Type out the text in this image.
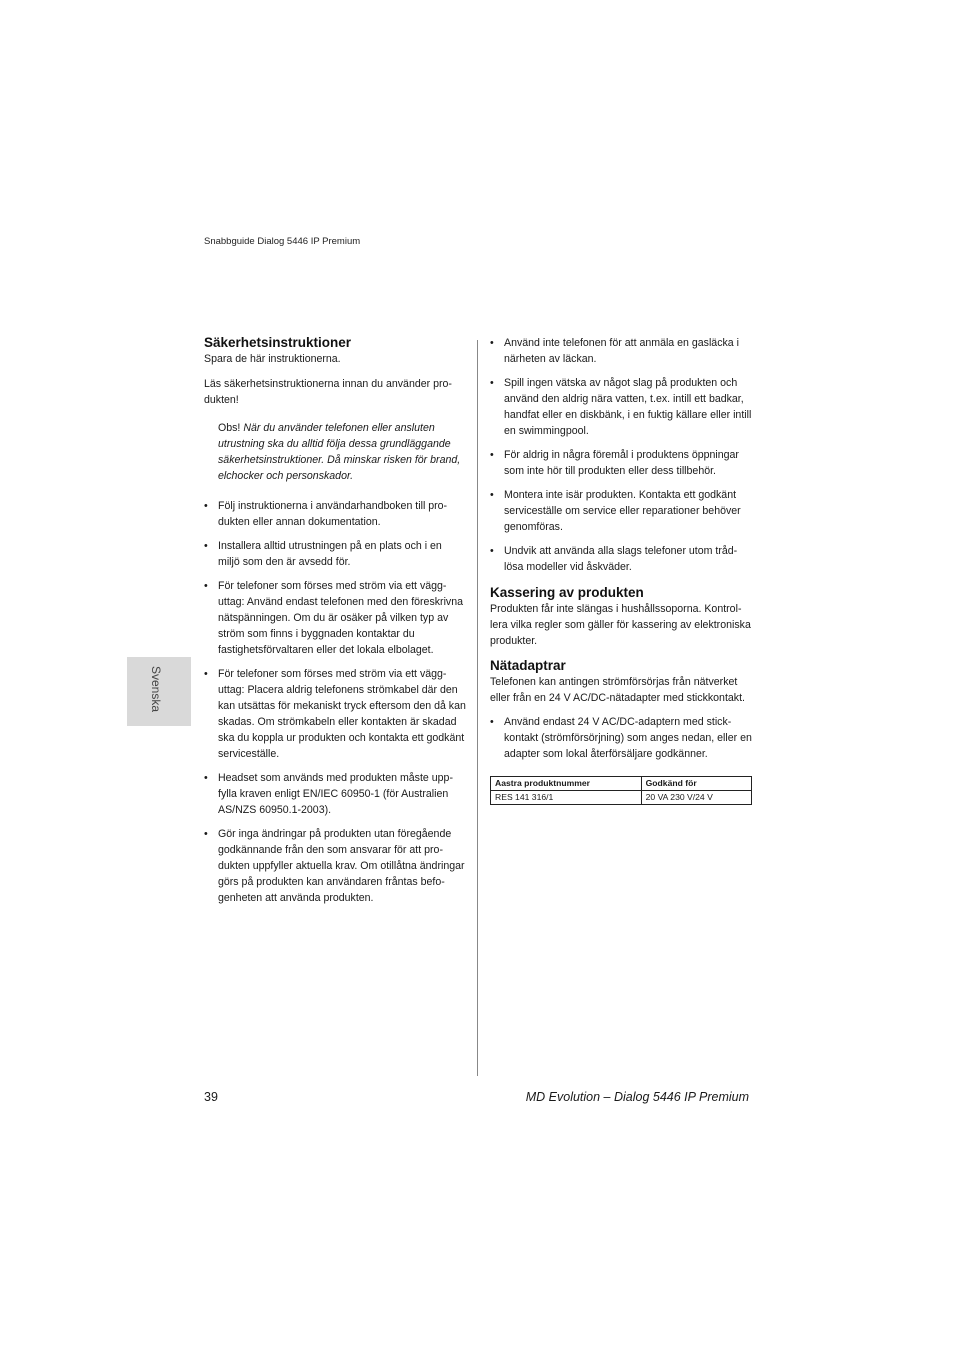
Snabbguide Dialog 5446 IP Premium
Svenska
Säkerhetsinstruktioner

Spara de här instruktionerna.

Läs säkerhetsinstruktionerna innan du använder produkten!

Obs! När du använder telefonen eller ansluten utrustning ska du alltid följa dessa grundläggande säkerhetsinstruktioner. Då minskar risken för brand, elchocker och personskador.

• Följ instruktionerna i användarhandboken till produkten eller annan dokumentation.
• Installera alltid utrustningen på en plats och i en miljö som den är avsedd för.
• För telefoner som förses med ström via ett vägguttag: Använd endast telefonen med den föreskrivna nätspänningen. Om du är osäker på vilken typ av ström som finns i byggnaden kontaktar du fastighetsförvaltaren eller det lokala elbolaget.
• För telefoner som förses med ström via ett vägguttag: Placera aldrig telefonens strömkabel där den kan utsättas för mekaniskt tryck eftersom den då kan skadas. Om strömkabeln eller kontakten är skadad ska du koppla ur produkten och kontakta ett godkänt serviceställe.
• Headset som används med produkten måste uppfylla kraven enligt EN/IEC 60950-1 (för Australien AS/NZS 60950.1-2003).
• Gör inga ändringar på produkten utan föregående godkännande från den som ansvarar för att produkten uppfyller aktuella krav. Om otillåtna ändringar görs på produkten kan användaren fråntas befogenheten att använda produkten.
• Använd inte telefonen för att anmäla en gasläcka i närheten av läckan.
• Spill ingen vätska av något slag på produkten och använd den aldrig nära vatten, t.ex. intill ett badkar, handfat eller en diskbänk, i en fuktig källare eller intill en swimmingpool.
• För aldrig in några föremål i produktens öppningar som inte hör till produkten eller dess tillbehör.
• Montera inte isär produkten. Kontakta ett godkänt serviceställe om service eller reparationer behöver genomföras.
• Undvik att använda alla slags telefoner utom trådlösa modeller vid åskväder.
Kassering av produkten

Produkten får inte slängas i hushållssoporna. Kontrollera vilka regler som gäller för kassering av elektroniska produkter.

Nätadaptrar

Telefonen kan antingen strömförsörjas från nätverket eller från en 24 V AC/DC-nätadapter med stickkontakt.

• Använd endast 24 V AC/DC-adaptern med stickkontakt (strömförsörjning) som anges nedan, eller en adapter som lokal återförsäljare godkänner.
Aastra produktnummer	Godkänd för
RES 141 316/1	20 VA 230 V/24 V
39	MD Evolution – Dialog 5446 IP Premium
